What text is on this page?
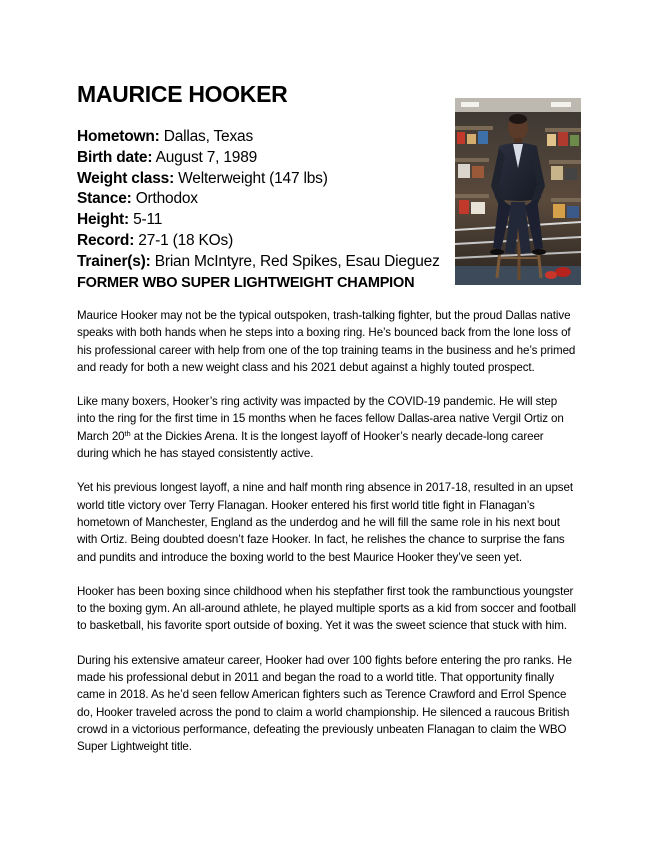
MAURICE HOOKER
Hometown: Dallas, Texas
Birth date: August 7, 1989
Weight class: Welterweight (147 lbs)
Stance: Orthodox
Height: 5-11
Record: 27-1 (18 KOs)
Trainer(s): Brian McIntyre, Red Spikes, Esau Dieguez
FORMER WBO SUPER LIGHTWEIGHT CHAMPION

Maurice Hooker may not be the typical outspoken, trash-talking fighter, but the proud Dallas native speaks with both hands when he steps into a boxing ring. He’s bounced back from the lone loss of his professional career with help from one of the top training teams in the business and he’s primed and ready for both a new weight class and his 2021 debut against a highly touted prospect.

Like many boxers, Hooker’s ring activity was impacted by the COVID-19 pandemic. He will step into the ring for the first time in 15 months when he faces fellow Dallas-area native Vergil Ortiz on March 20th at the Dickies Arena. It is the longest layoff of Hooker’s nearly decade-long career during which he has stayed consistently active.

Yet his previous longest layoff, a nine and half month ring absence in 2017-18, resulted in an upset world title victory over Terry Flanagan. Hooker entered his first world title fight in Flanagan’s hometown of Manchester, England as the underdog and he will fill the same role in his next bout with Ortiz. Being doubted doesn’t faze Hooker. In fact, he relishes the chance to surprise the fans and pundits and introduce the boxing world to the best Maurice Hooker they’ve seen yet.

Hooker has been boxing since childhood when his stepfather first took the rambunctious youngster to the boxing gym. An all-around athlete, he played multiple sports as a kid from soccer and football to basketball, his favorite sport outside of boxing. Yet it was the sweet science that stuck with him.

During his extensive amateur career, Hooker had over 100 fights before entering the pro ranks. He made his professional debut in 2011 and began the road to a world title. That opportunity finally came in 2018. As he’d seen fellow American fighters such as Terence Crawford and Errol Spence do, Hooker traveled across the pond to claim a world championship. He silenced a raucous British crowd in a victorious performance, defeating the previously unbeaten Flanagan to claim the WBO Super Lightweight title.
